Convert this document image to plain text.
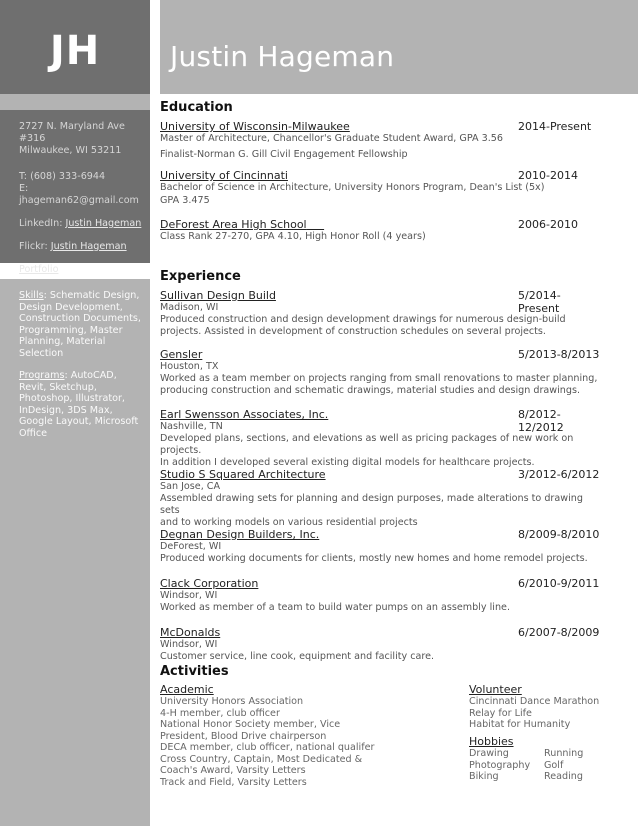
JH	Justin Hageman
2727 N. Maryland Ave #316
Milwaukee, WI 53211
T: (608) 333-6944
E: jhageman62@gmail.com
LinkedIn: Justin Hageman
Flickr: Justin Hageman
Portfolio

Skills: Schematic Design, Design Development, Construction Documents, Programming, Master Planning, Material Selection

Programs: AutoCAD, Revit, Sketchup, Photoshop, Illustrator, InDesign, 3DS Max, Google Layout, Microsoft Office

Education
University of Wisconsin-Milwaukee	2014-Present
Master of Architecture, Chancellor's Graduate Student Award, GPA 3.56
Finalist-Norman G. Gill Civil Engagement Fellowship
University of Cincinnati	2010-2014
Bachelor of Science in Architecture, University Honors Program, Dean's List (5x)
GPA 3.475
DeForest Area High School	2006-2010
Class Rank 27-270, GPA 4.10, High Honor Roll (4 years)
Experience
Sullivan Design Build	5/2014-Present
Madison, WI
Produced construction and design development drawings for numerous design-build
projects. Assisted in development of construction schedules on several projects.
Gensler	5/2013-8/2013
Houston, TX
Worked as a team member on projects ranging from small renovations to master planning,
producing construction and schematic drawings, material studies and design drawings.
Earl Swensson Associates, Inc.	8/2012-12/2012
Nashville, TN
Developed plans, sections, and elevations as well as pricing packages of new work on projects.
In addition I developed several existing digital models for healthcare projects.
Studio S Squared Architecture	3/2012-6/2012
San Jose, CA
Assembled drawing sets for planning and design purposes, made alterations to drawing sets
and to working models on various residential projects
Degnan Design Builders, Inc.	8/2009-8/2010
DeForest, WI
Produced working documents for clients, mostly new homes and home remodel projects.
Clack Corporation	6/2010-9/2011
Windsor, WI
Worked as member of a team to build water pumps on an assembly line.
McDonalds	6/2007-8/2009
Windsor, WI
Customer service, line cook, equipment and facility care.
Activities
Academic
University Honors Association
4-H member, club officer
National Honor Society member, Vice
President, Blood Drive chairperson
DECA member, club officer, national qualifer
Cross Country, Captain, Most Dedicated &
Coach's Award, Varsity Letters
Track and Field, Varsity Letters
Volunteer
Cincinnati Dance Marathon
Relay for Life
Habitat for Humanity
Hobbies
Drawing	Running
Photography	Golf
Biking	Reading
